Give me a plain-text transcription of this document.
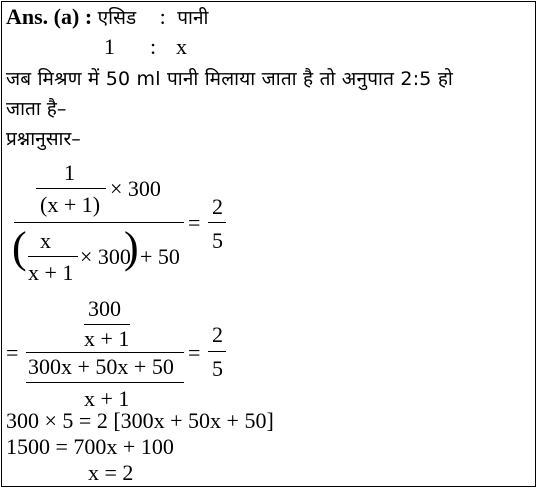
Ans. (a) : एसिड : पानी
1 : x
जब मिश्रण में 50 ml पानी मिलाया जाता है तो अनुपात 2:5 हो
जाता है–
प्रश्नानुसार–
1
(x + 1)
× 300
( x
x + 1
× 300
) + 50
=
2
5
=
300
x + 1
300x + 50x + 50
x + 1
=
2
5
300 × 5 = 2 [300x + 50x + 50]
1500 = 700x + 100
x = 2
